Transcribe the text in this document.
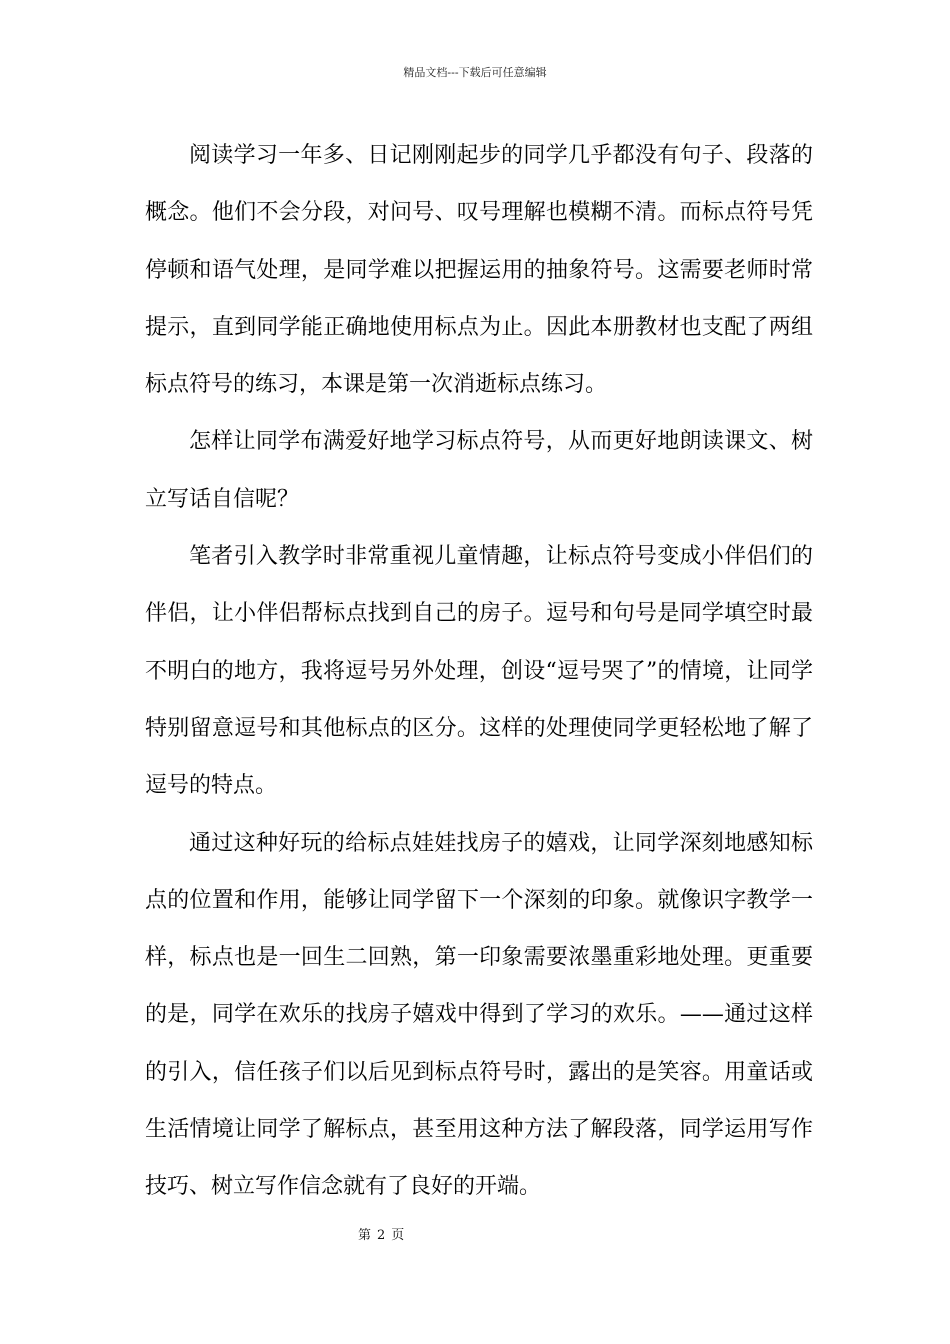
精品文档---下载后可任意编辑

阅读学习一年多、日记刚刚起步的同学几乎都没有句子、段落的概念。他们不会分段，对问号、叹号理解也模糊不清。而标点符号凭停顿和语气处理，是同学难以把握运用的抽象符号。这需要老师时常提示，直到同学能正确地使用标点为止。因此本册教材也支配了两组标点符号的练习，本课是第一次消逝标点练习。

怎样让同学布满爱好地学习标点符号，从而更好地朗读课文、树立写话自信呢？

笔者引入教学时非常重视儿童情趣，让标点符号变成小伴侣们的伴侣，让小伴侣帮标点找到自己的房子。逗号和句号是同学填空时最不明白的地方，我将逗号另外处理，创设“逗号哭了”的情境，让同学特别留意逗号和其他标点的区分。这样的处理使同学更轻松地了解了逗号的特点。

通过这种好玩的给标点娃娃找房子的嬉戏，让同学深刻地感知标点的位置和作用，能够让同学留下一个深刻的印象。就像识字教学一样，标点也是一回生二回熟，第一印象需要浓墨重彩地处理。更重要的是，同学在欢乐的找房子嬉戏中得到了学习的欢乐。——通过这样的引入，信任孩子们以后见到标点符号时，露出的是笑容。用童话或生活情境让同学了解标点，甚至用这种方法了解段落，同学运用写作技巧、树立写作信念就有了良好的开端。

第 2 页
